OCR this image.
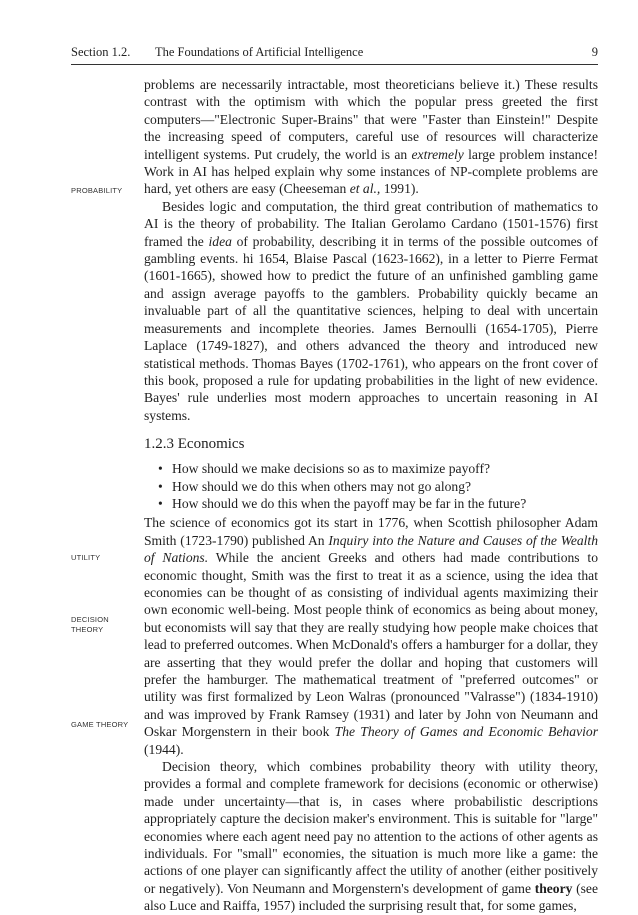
Section 1.2. The Foundations of Artificial Intelligence	9
PROBABILITY
UTILITY
DECISION THEORY
GAME THEORY

problems are necessarily intractable, most theoreticians believe it.) These results contrast with the optimism with which the popular press greeted the first computers—"Electronic Super-Brains" that were "Faster than Einstein!" Despite the increasing speed of computers, careful use of resources will characterize intelligent systems. Put crudely, the world is an extremely large problem instance! Work in AI has helped explain why some instances of NP-complete problems are hard, yet others are easy (Cheeseman et al., 1991).

Besides logic and computation, the third great contribution of mathematics to AI is the theory of probability. The Italian Gerolamo Cardano (1501-1576) first framed the idea of probability, describing it in terms of the possible outcomes of gambling events. hi 1654, Blaise Pascal (1623-1662), in a letter to Pierre Fermat (1601-1665), showed how to predict the future of an unfinished gambling game and assign average payoffs to the gamblers. Probability quickly became an invaluable part of all the quantitative sciences, helping to deal with uncertain measurements and incomplete theories. James Bernoulli (1654-1705), Pierre Laplace (1749-1827), and others advanced the theory and introduced new statistical methods. Thomas Bayes (1702-1761), who appears on the front cover of this book, proposed a rule for updating probabilities in the light of new evidence. Bayes' rule underlies most modern approaches to uncertain reasoning in AI systems.

1.2.3 Economics
• How should we make decisions so as to maximize payoff?
• How should we do this when others may not go along?
• How should we do this when the payoff may be far in the future?

The science of economics got its start in 1776, when Scottish philosopher Adam Smith (1723-1790) published An Inquiry into the Nature and Causes of the Wealth of Nations. While the ancient Greeks and others had made contributions to economic thought, Smith was the first to treat it as a science, using the idea that economies can be thought of as consisting of individual agents maximizing their own economic well-being. Most people think of economics as being about money, but economists will say that they are really studying how people make choices that lead to preferred outcomes. When McDonald's offers a hamburger for a dollar, they are asserting that they would prefer the dollar and hoping that customers will prefer the hamburger. The mathematical treatment of "preferred outcomes" or utility was first formalized by Leon Walras (pronounced "Valrasse") (1834-1910) and was improved by Frank Ramsey (1931) and later by John von Neumann and Oskar Morgenstern in their book The Theory of Games and Economic Behavior (1944).

Decision theory, which combines probability theory with utility theory, provides a formal and complete framework for decisions (economic or otherwise) made under uncertainty—that is, in cases where probabilistic descriptions appropriately capture the decision maker's environment. This is suitable for "large" economies where each agent need pay no attention to the actions of other agents as individuals. For "small" economies, the situation is much more like a game: the actions of one player can significantly affect the utility of another (either positively or negatively). Von Neumann and Morgenstern's development of game theory (see also Luce and Raiffa, 1957) included the surprising result that, for some games,
